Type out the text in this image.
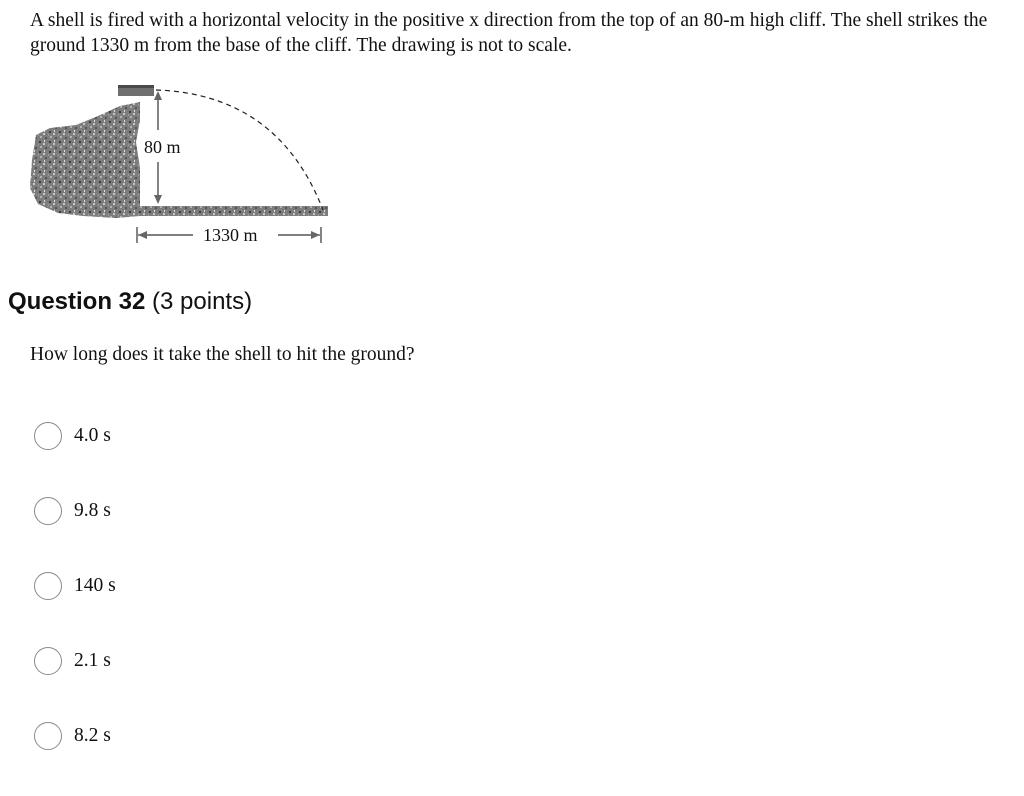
A shell is fired with a horizontal velocity in the positive x direction from the top of an 80-m high cliff. The shell strikes the ground 1330 m from the base of the cliff. The drawing is not to scale.

80 m
1330 m
Question 32 (3 points)

How long does it take the shell to hit the ground?

4.0 s
9.8 s
140 s
2.1 s
8.2 s
